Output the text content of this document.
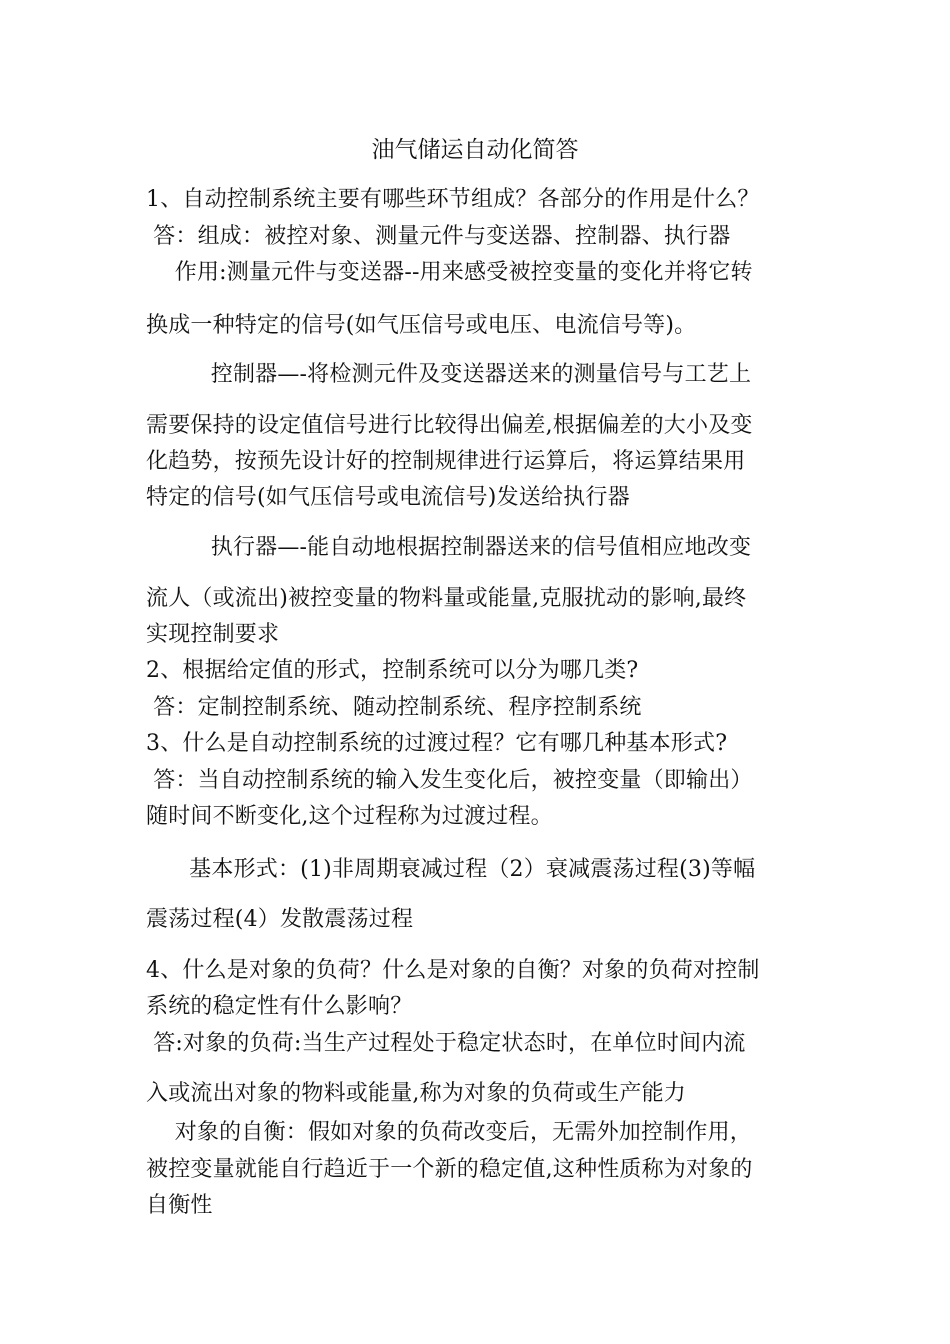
油气储运自动化简答
1、自动控制系统主要有哪些环节组成？各部分的作用是什么？
答：组成：被控对象、测量元件与变送器、控制器、执行器
作用:测量元件与变送器--用来感受被控变量的变化并将它转
换成一种特定的信号(如气压信号或电压、电流信号等)。
控制器—-将检测元件及变送器送来的测量信号与工艺上
需要保持的设定值信号进行比较得出偏差,根据偏差的大小及变
化趋势，按预先设计好的控制规律进行运算后，将运算结果用
特定的信号(如气压信号或电流信号)发送给执行器
执行器—-能自动地根据控制器送来的信号值相应地改变
流人（或流出)被控变量的物料量或能量,克服扰动的影响,最终
实现控制要求
2、根据给定值的形式，控制系统可以分为哪几类?
答：定制控制系统、随动控制系统、程序控制系统
3、什么是自动控制系统的过渡过程？它有哪几种基本形式?
答：当自动控制系统的输入发生变化后，被控变量（即输出）
随时间不断变化,这个过程称为过渡过程。
基本形式：(1)非周期衰减过程（2）衰减震荡过程(3)等幅
震荡过程(4）发散震荡过程
4、什么是对象的负荷？什么是对象的自衡？对象的负荷对控制
系统的稳定性有什么影响？
答:对象的负荷:当生产过程处于稳定状态时，在单位时间内流
入或流出对象的物料或能量,称为对象的负荷或生产能力
对象的自衡：假如对象的负荷改变后，无需外加控制作用，
被控变量就能自行趋近于一个新的稳定值,这种性质称为对象的
自衡性
